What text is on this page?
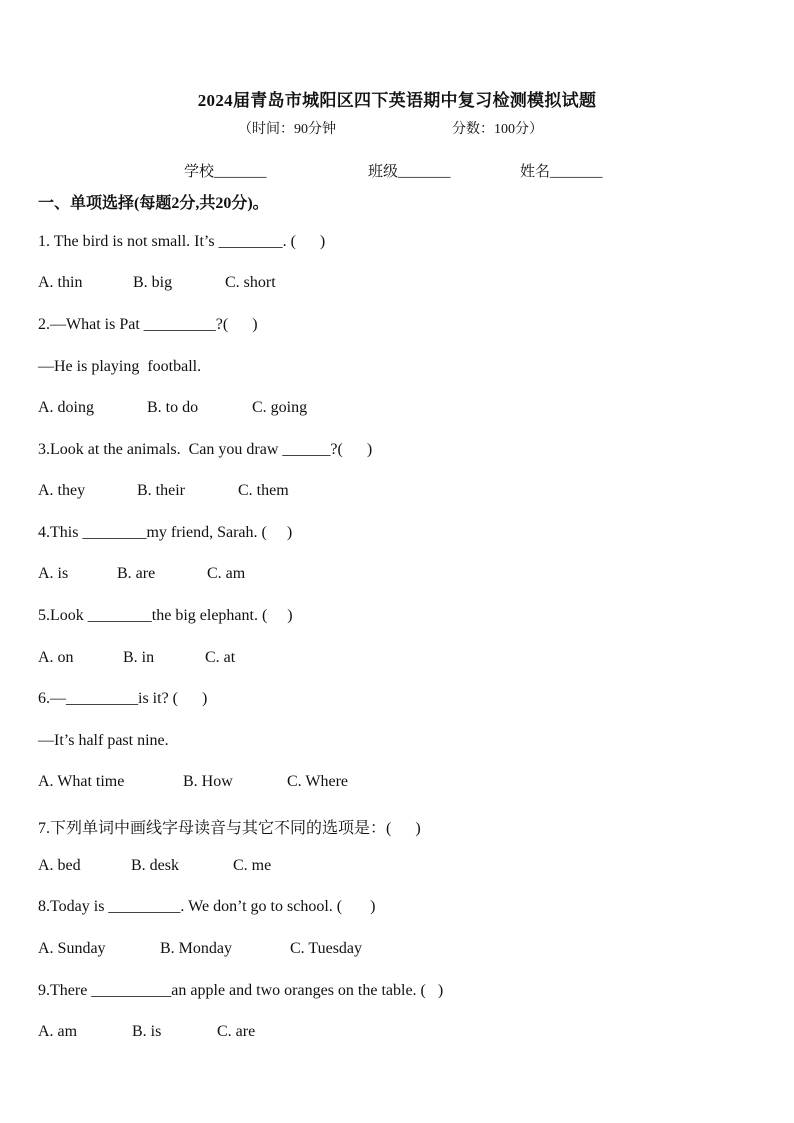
2024届青岛市城阳区四下英语期中复习检测模拟试题
（时间：90分钟	分数：100分）
学校_______	班级_______	姓名_______
一、单项选择(每题2分,共20分)。
1. The bird is not small. It’s ________. (      )
A. thin	B. big	C. short
2.—What is Pat _________?(      )
—He is playing  football.
A. doing	B. to do	C. going
3.Look at the animals.  Can you draw ______?(      )
A. they	B. their	C. them
4.This ________my friend, Sarah. (     )
A. is	B. are	C. am
5.Look ________the big elephant. (     )
A. on	B. in	C. at
6.—_________is it? (      )
—It’s half past nine.
A. What time	B. How	C. Where
7.下列单词中画线字母读音与其它不同的选项是：(      )
A. bed	B. desk	C. me
8.Today is _________. We don’t go to school. (       )
A. Sunday	B. Monday	C. Tuesday
9.There __________an apple and two oranges on the table. (   )
A. am	B. is	C. are
